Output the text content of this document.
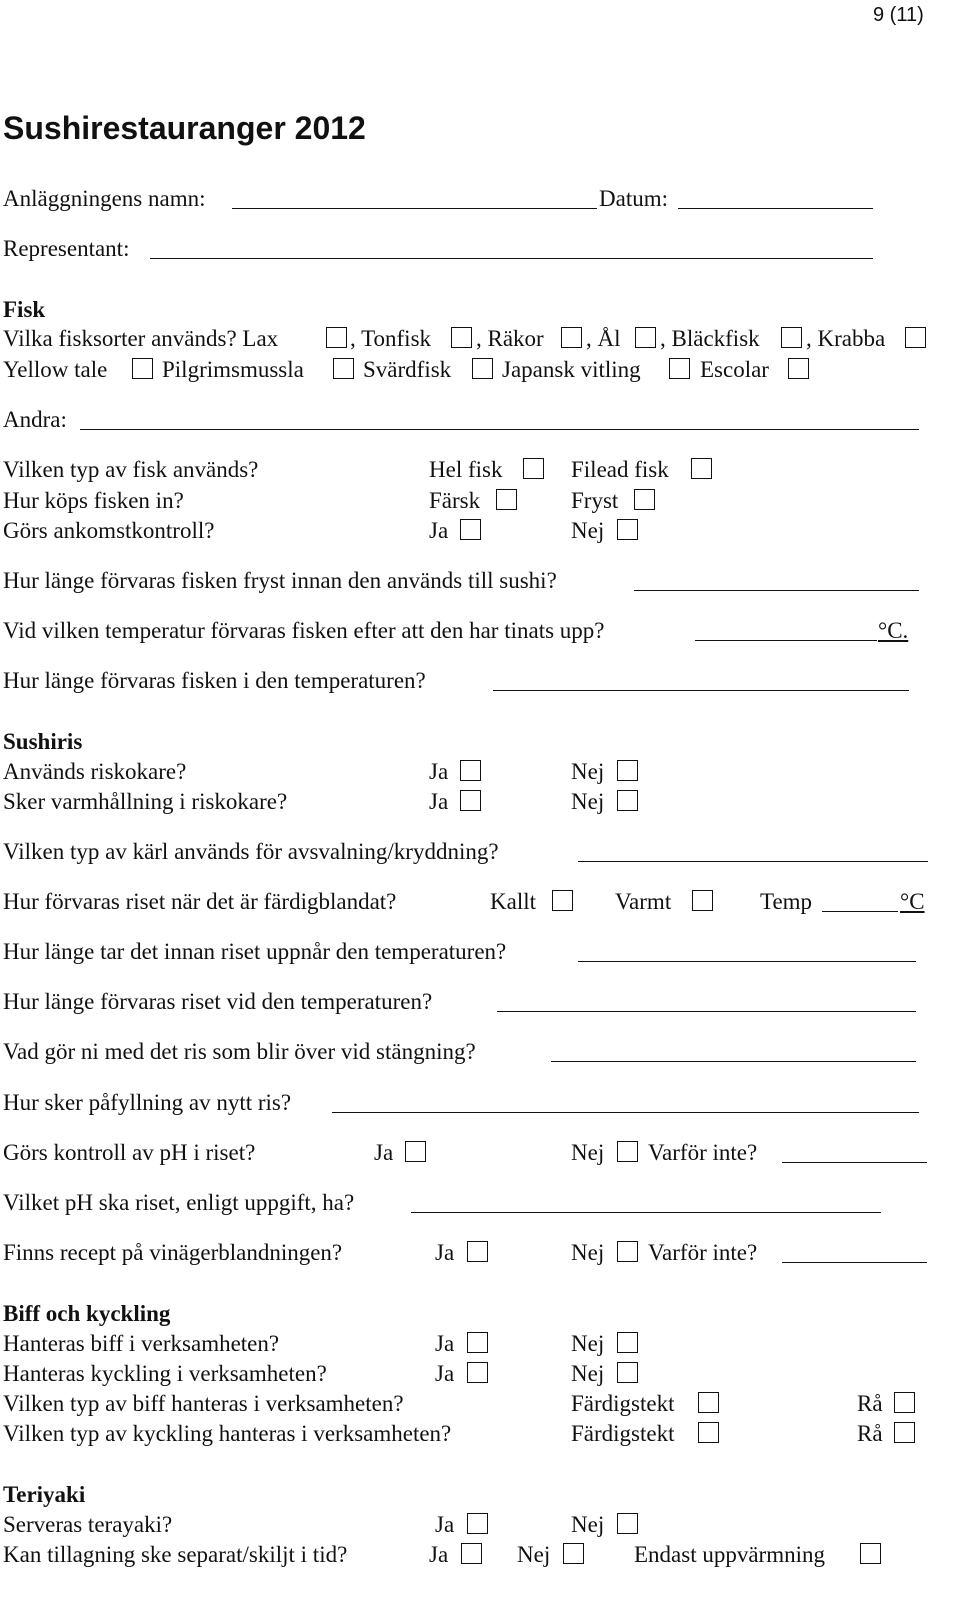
9 (11)
Sushirestauranger 2012
Anläggningens namn:	Datum:
Representant:
Fisk
Vilka fisksorter används? Lax	, Tonfisk , Räkor , Ål , Bläckfisk , Krabba
Yellow tale Pilgrimsmussla	Svärdfisk Japansk vitling	Escolar
Andra:
Vilken typ av fisk används?	Hel fisk	Filead fisk
Hur köps fisken in?	Färsk	Fryst
Görs ankomstkontroll?	Ja	Nej
Hur länge förvaras fisken fryst innan den används till sushi?
Vid vilken temperatur förvaras fisken efter att den har tinats upp?	°C.
Hur länge förvaras fisken i den temperaturen?
Sushiris
Används riskokare?	Ja	Nej
Sker varmhållning i riskokare?	Ja	Nej
Vilken typ av kärl används för avsvalning/kryddning?
Hur förvaras riset när det är färdigblandat?	Kallt	Varmt	Temp	°C
Hur länge tar det innan riset uppnår den temperaturen?
Hur länge förvaras riset vid den temperaturen?
Vad gör ni med det ris som blir över vid stängning?
Hur sker påfyllning av nytt ris?
Görs kontroll av pH i riset?	Ja	Nej Varför inte?
Vilket pH ska riset, enligt uppgift, ha?
Finns recept på vinägerblandningen?	Ja	Nej Varför inte?
Biff och kyckling
Hanteras biff i verksamheten?	Ja	Nej
Hanteras kyckling i verksamheten?	Ja	Nej
Vilken typ av biff hanteras i verksamheten?	Färdigstekt	Rå
Vilken typ av kyckling hanteras i verksamheten?	Färdigstekt	Rå
Teriyaki
Serveras terayaki?	Ja	Nej
Kan tillagning ske separat/skiljt i tid?	Ja	Nej	Endast uppvärmning
